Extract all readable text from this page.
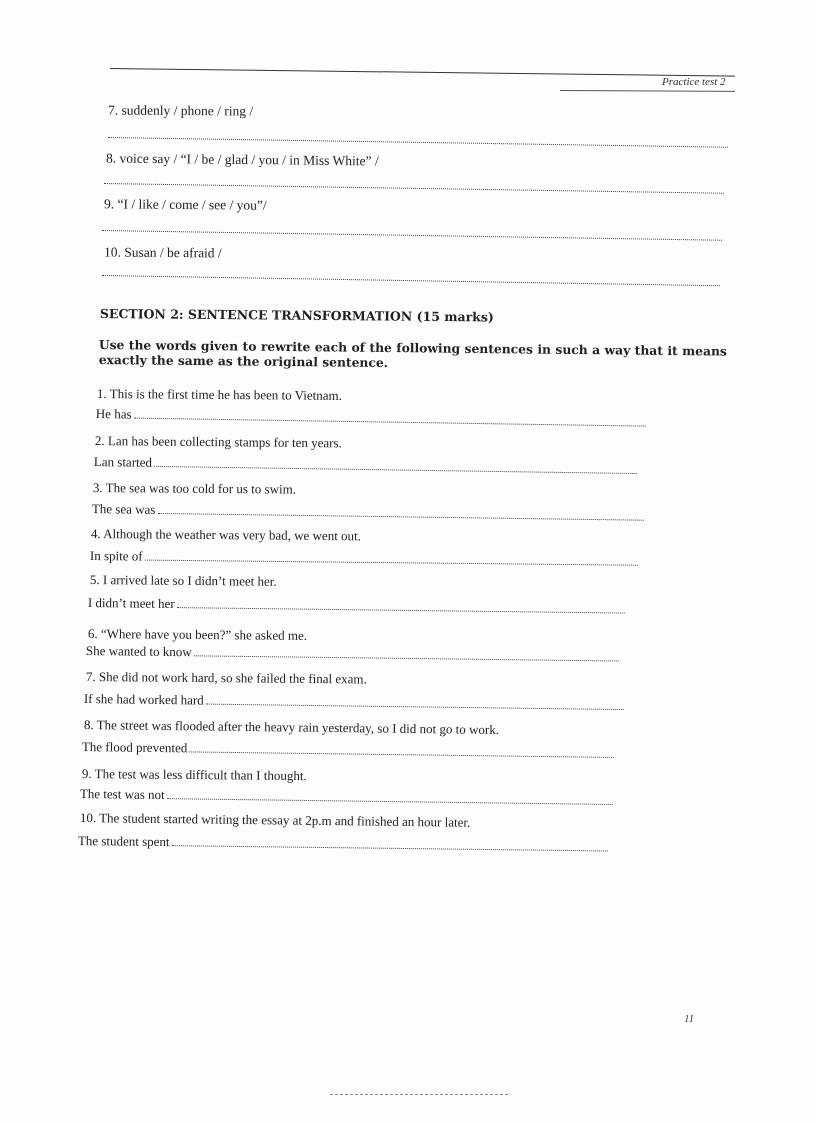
Practice test 2
7. suddenly / phone / ring /
8. voice say / “I / be / glad / you / in Miss White” /
9. “I / like / come / see / you”/
10. Susan / be afraid /
SECTION 2: SENTENCE TRANSFORMATION (15 marks)
Use the words given to rewrite each of the following sentences in such a way that it means exactly the same as the original sentence.
1. This is the first time he has been to Vietnam.
He has
2. Lan has been collecting stamps for ten years.
Lan started
3. The sea was too cold for us to swim.
The sea was
4. Although the weather was very bad, we went out.
In spite of
5. I arrived late so I didn’t meet her.
I didn’t meet her
6. “Where have you been?” she asked me.
She wanted to know
7. She did not work hard, so she failed the final exam.
If she had worked hard
8. The street was flooded after the heavy rain yesterday, so I did not go to work.
The flood prevented
9. The test was less difficult than I thought.
The test was not
10. The student started writing the essay at 2p.m and finished an hour later.
The student spent
11
